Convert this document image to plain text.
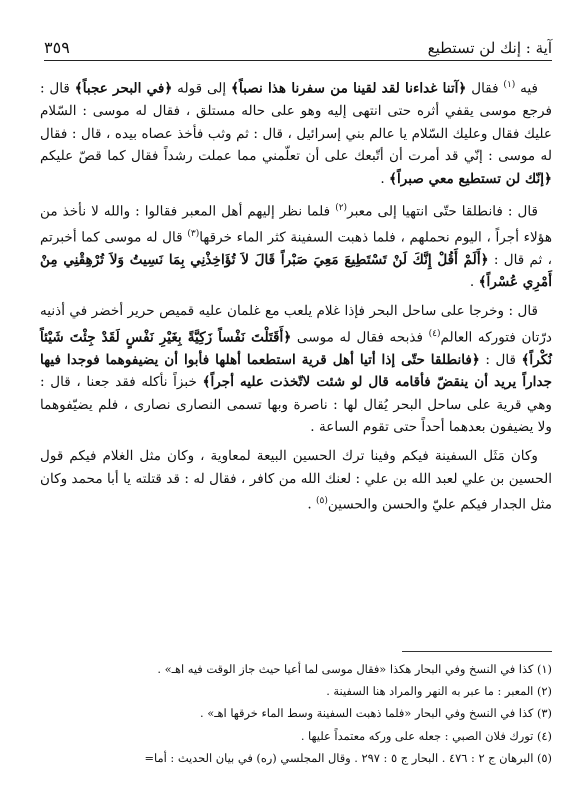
آية : إنك لن تستطيع
٣٥٩

فيه $^{(١)}$ فقال ﴿آتنا غداءنا لقد لقينا من سفرنا هذا نصباً﴾ إلى قوله ﴿في البحر عجباً﴾ قال : فرجع موسى يقفي أثره حتى انتهى إليه وهو على حاله مستلق ، فقال له موسى : السّلام عليك فقال وعليك السّلام يا عالم بني إسرائيل ، قال : ثم وثب فأخذ عصاه بيده ، قال : فقال له موسى : إنّي قد أمرت أن أتّبعك على أن تعلّمني مما عملت رشداً فقال كما قصّ عليكم ﴿إنّك لن تستطيع معي صبراً﴾ .

قال : فانطلقا حتّى انتهيا إلى معبر$^{(٢)}$ فلما نظر إليهم أهل المعبر فقالوا : والله لا نأخذ من هؤلاء أجراً ، اليوم نحملهم ، فلما ذهبت السفينة كثر الماء خرقها$^{(٣)}$ قال له موسى كما أخبرتم ، ثم قال : ﴿أَلَمْ أَقُلْ إِنَّكَ لَنْ تَسْتَطِيعَ مَعِيَ صَبْراً قَالَ لاَ تُؤَاخِذْنِي بِمَا نَسِيتُ وَلاَ تُرْهِقْنِي مِنْ أَمْرِي عُسْراً﴾ .

قال : وخرجا على ساحل البحر فإذا غلام يلعب مع غلمان عليه قميص حرير أخضر في أذنيه درّتان فتوركه العالم$^{(٤)}$ فذبحه فقال له موسى ﴿أَقَتَلْتَ نَفْساً زَكِيَّةً بِغَيْرِ نَفْسٍ لَقَدْ جِئْتَ شَيْئاً نُكْراً﴾ قال : ﴿فانطلقا حتّى إذا أتيا أهل قرية استطعما أهلها فأبوا أن يضيفوهما فوجدا فيها جداراً يريد أن ينقضّ فأقامه قال لو شئت لاتّخذت عليه أجراً﴾ خبزاً نأكله فقد جعنا ، قال : وهي قرية على ساحل البحر يُقال لها : ناصرة وبها تسمى النصارى نصارى ، فلم يضيّفوهما ولا يضيفون بعدهما أحداً حتى تقوم الساعة .

وكان مَثَل السفينة فيكم وفينا ترك الحسين البيعة لمعاوية ، وكان مثل الغلام فيكم قول الحسين بن علي لعبد الله بن علي : لعنك الله من كافر ، فقال له : قد قتلته يا أبا محمد وكان مثل الجدار فيكم عليّ والحسن والحسين$^{(٥)}$ .

(١) كذا في النسخ وفي البحار هكذا «فقال موسى لما أعيا حيث جاز الوقت فيه اهـ» .
(٢) المعبر : ما عبر به النهر والمراد هنا السفينة .
(٣) كذا في النسخ وفي البحار «فلما ذهبت السفينة وسط الماء خرقها اهـ» .
(٤) تورك فلان الصبي : جعله على وركه معتمداً عليها .
(٥) البرهان ج ٢ : ٤٧٦ . البحار ج ٥ : ٢٩٧ . وقال المجلسي (ره) في بيان الحديث : أما=
